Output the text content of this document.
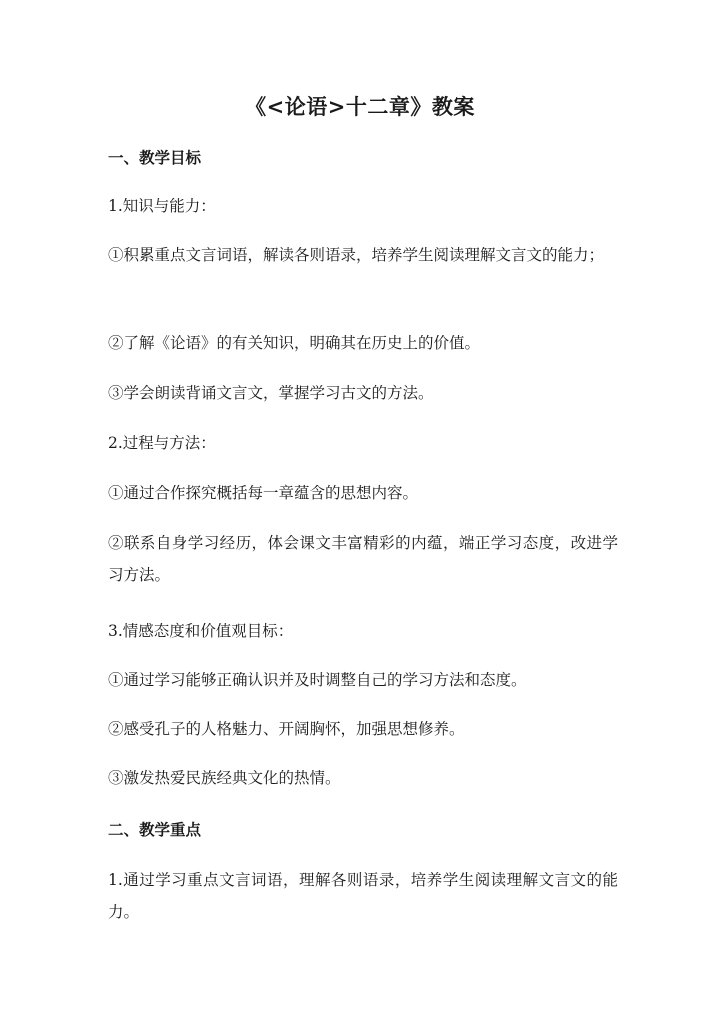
《<论语>十二章》教案
一、教学目标
1.知识与能力：
①积累重点文言词语，解读各则语录，培养学生阅读理解文言文的能力；
②了解《论语》的有关知识，明确其在历史上的价值。
③学会朗读背诵文言文，掌握学习古文的方法。
2.过程与方法：
①通过合作探究概括每一章蕴含的思想内容。
②联系自身学习经历，体会课文丰富精彩的内蕴，端正学习态度，改进学习方法。
3.情感态度和价值观目标：
①通过学习能够正确认识并及时调整自己的学习方法和态度。
②感受孔子的人格魅力、开阔胸怀，加强思想修养。
③激发热爱民族经典文化的热情。
二、教学重点
1.通过学习重点文言词语，理解各则语录，培养学生阅读理解文言文的能力。
